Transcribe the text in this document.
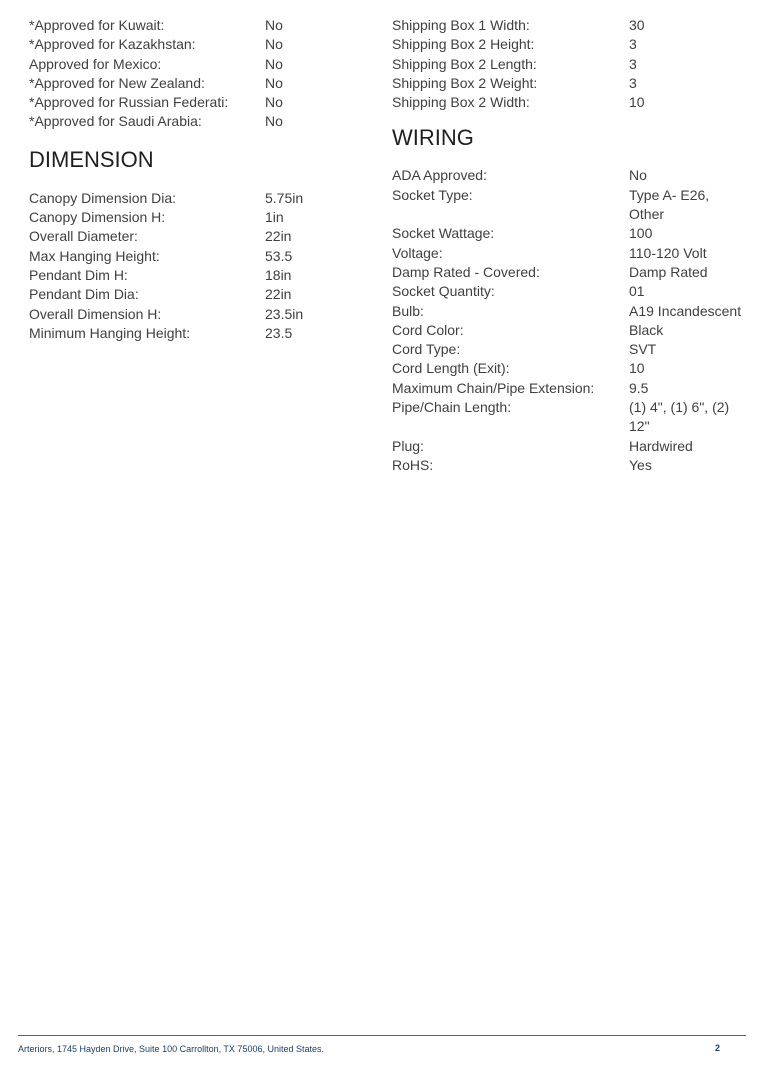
*Approved for Kuwait:	No
*Approved for Kazakhstan:	No
Approved for Mexico:	No
*Approved for New Zealand:	No
*Approved for Russian Federati:	No
*Approved for Saudi Arabia:	No
DIMENSION
Canopy Dimension Dia:	5.75in
Canopy Dimension H:	1in
Overall Diameter:	22in
Max Hanging Height:	53.5
Pendant Dim H:	18in
Pendant Dim Dia:	22in
Overall Dimension H:	23.5in
Minimum Hanging Height:	23.5
Shipping Box 1 Width:	30
Shipping Box 2 Height:	3
Shipping Box 2 Length:	3
Shipping Box 2 Weight:	3
Shipping Box 2 Width:	10
WIRING
ADA Approved:	No
Socket Type:	Type A- E26, Other
Socket Wattage:	100
Voltage:	110-120 Volt
Damp Rated - Covered:	Damp Rated
Socket Quantity:	01
Bulb:	A19 Incandescent
Cord Color:	Black
Cord Type:	SVT
Cord Length (Exit):	10
Maximum Chain/Pipe Extension: 9.5
Pipe/Chain Length:	(1) 4", (1) 6", (2) 12"
Plug:	Hardwired
RoHS:	Yes
Arteriors, 1745 Hayden Drive, Suite 100 Carrollton, TX 75006, United States.	2
